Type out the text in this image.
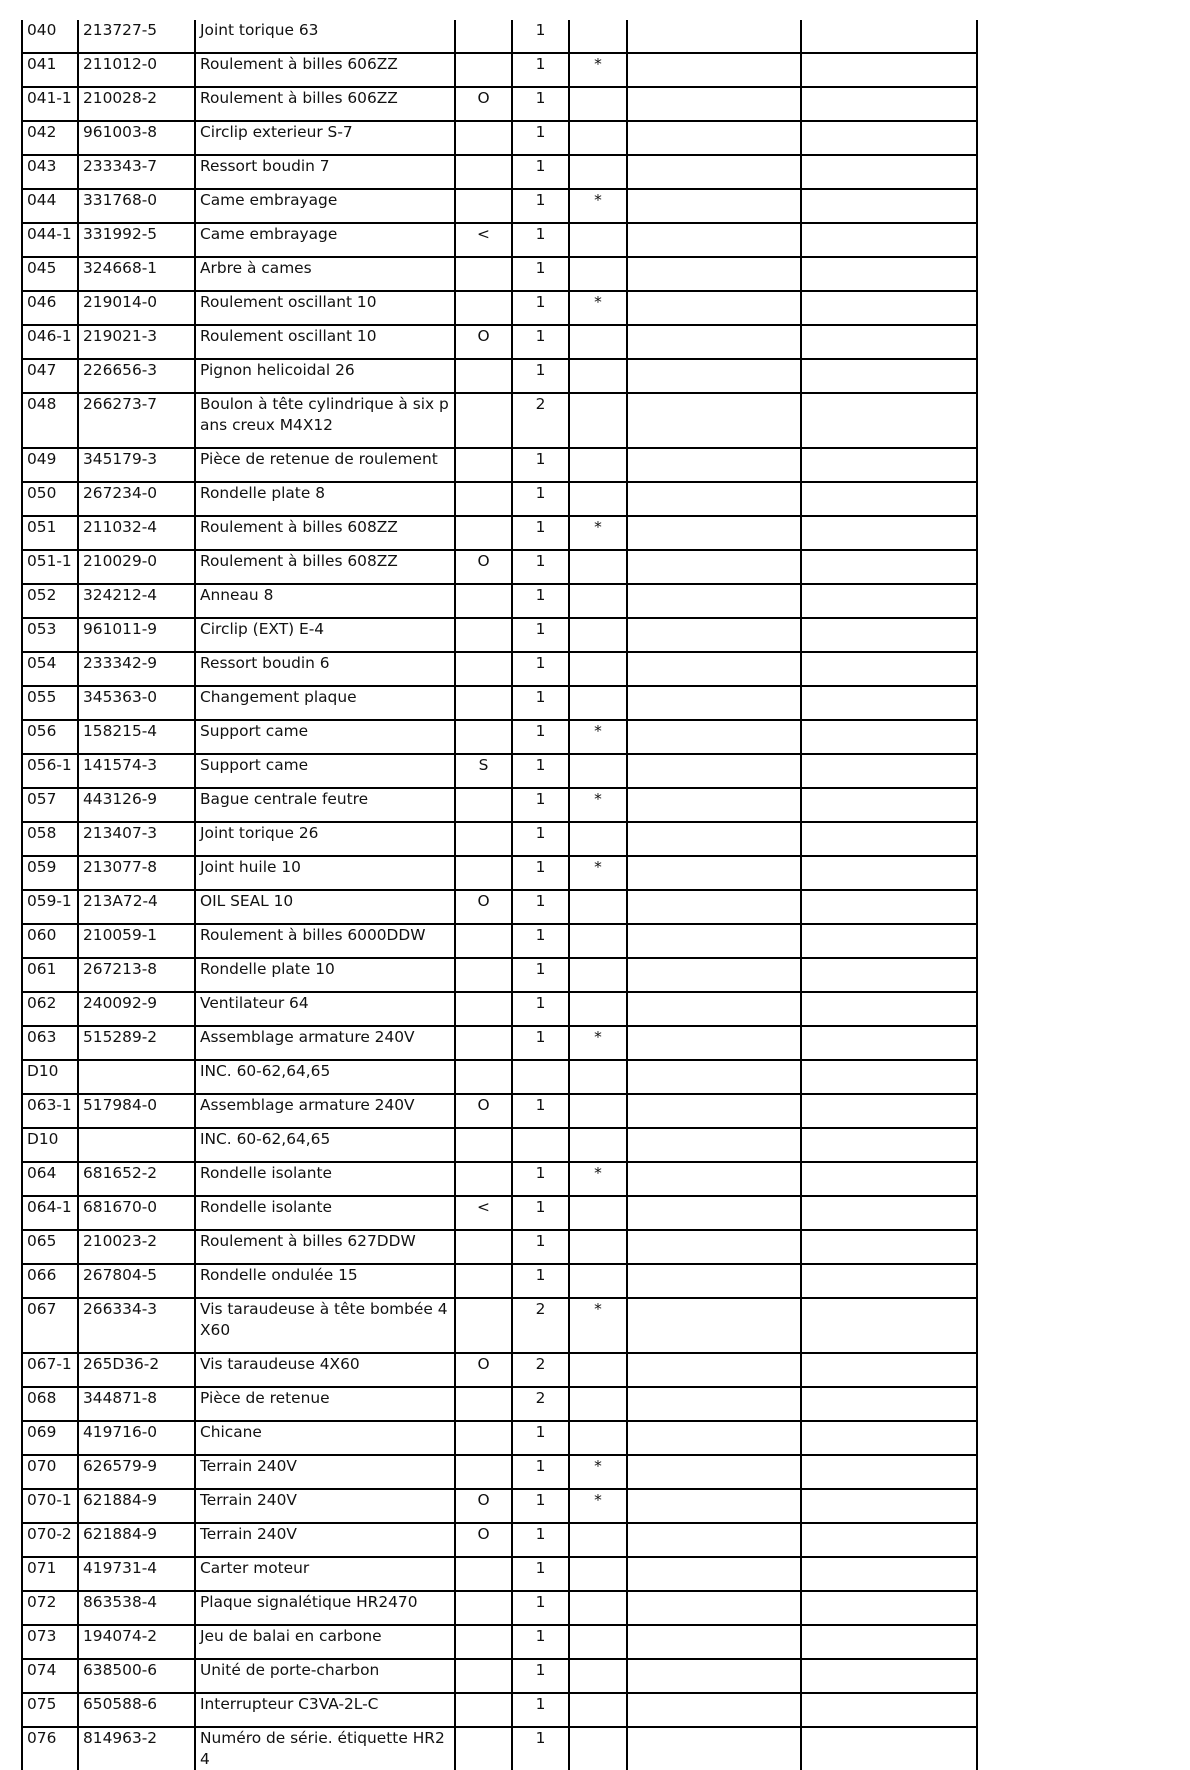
040	213727-5	Joint torique 63		1			
041	211012-0	Roulement à billes 606ZZ		1	*		
041-1	210028-2	Roulement à billes 606ZZ	O	1			
042	961003-8	Circlip exterieur S-7		1			
043	233343-7	Ressort boudin 7		1			
044	331768-0	Came embrayage		1	*		
044-1	331992-5	Came embrayage	<	1			
045	324668-1	Arbre à cames		1			
046	219014-0	Roulement oscillant 10		1	*		
046-1	219021-3	Roulement oscillant 10	O	1			
047	226656-3	Pignon helicoidal 26		1			
048	266273-7	Boulon à tête cylindrique à six pans creux M4X12		2			
049	345179-3	Pièce de retenue de roulement		1			
050	267234-0	Rondelle plate 8		1			
051	211032-4	Roulement à billes 608ZZ		1	*		
051-1	210029-0	Roulement à billes 608ZZ	O	1			
052	324212-4	Anneau 8		1			
053	961011-9	Circlip (EXT) E-4		1			
054	233342-9	Ressort boudin 6		1			
055	345363-0	Changement plaque		1			
056	158215-4	Support came		1	*		
056-1	141574-3	Support came	S	1			
057	443126-9	Bague centrale feutre		1	*		
058	213407-3	Joint torique 26		1			
059	213077-8	Joint huile 10		1	*		
059-1	213A72-4	OIL SEAL 10	O	1			
060	210059-1	Roulement à billes 6000DDW		1			
061	267213-8	Rondelle plate 10		1			
062	240092-9	Ventilateur 64		1			
063	515289-2	Assemblage armature 240V		1	*		
D10		INC. 60-62,64,65					
063-1	517984-0	Assemblage armature 240V	O	1			
D10		INC. 60-62,64,65					
064	681652-2	Rondelle isolante		1	*		
064-1	681670-0	Rondelle isolante	<	1			
065	210023-2	Roulement à billes 627DDW		1			
066	267804-5	Rondelle ondulée 15		1			
067	266334-3	Vis taraudeuse à tête bombée 4X60		2	*		
067-1	265D36-2	Vis taraudeuse 4X60	O	2			
068	344871-8	Pièce de retenue		2			
069	419716-0	Chicane		1			
070	626579-9	Terrain 240V		1	*		
070-1	621884-9	Terrain 240V	O	1	*		
070-2	621884-9	Terrain 240V	O	1			
071	419731-4	Carter moteur		1			
072	863538-4	Plaque signalétique HR2470		1			
073	194074-2	Jeu de balai en carbone		1			
074	638500-6	Unité de porte-charbon		1			
075	650588-6	Interrupteur C3VA-2L-C		1			
076	814963-2	Numéro de série. étiquette HR24		1			
